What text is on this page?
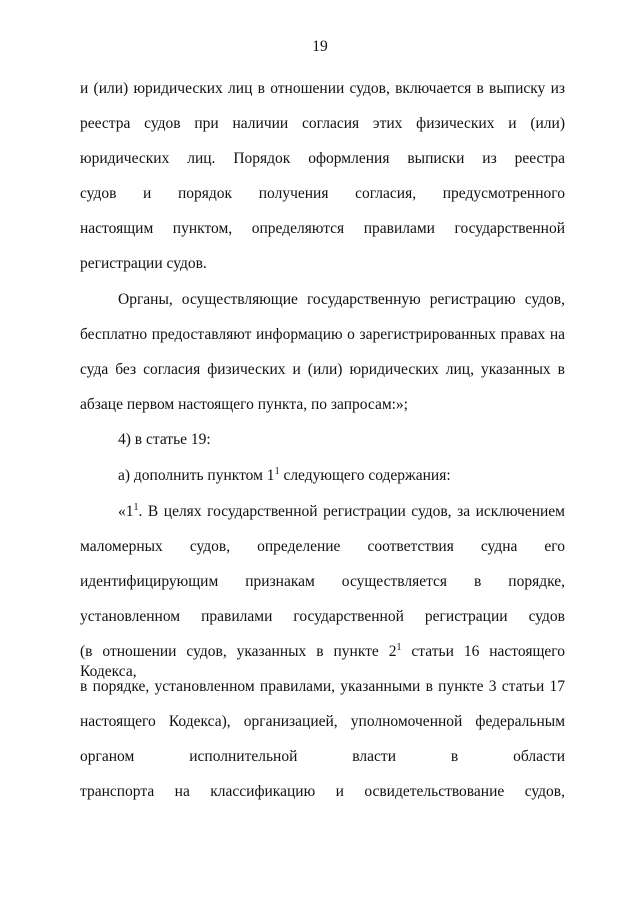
19
и (или) юридических лиц в отношении судов, включается в выписку из
реестра судов при наличии согласия этих физических и (или)
юридических лиц. Порядок оформления выписки из реестра
судов и порядок получения согласия, предусмотренного
настоящим пунктом, определяются правилами государственной
регистрации судов.
Органы, осуществляющие государственную регистрацию судов,
бесплатно предоставляют информацию о зарегистрированных правах на
суда без согласия физических и (или) юридических лиц, указанных в
абзаце первом настоящего пункта, по запросам:»;
4) в статье 19:
а) дополнить пунктом $1^1$ следующего содержания:
«$1^1$. В целях государственной регистрации судов, за исключением
маломерных судов, определение соответствия судна его
идентифицирующим признакам осуществляется в порядке,
установленном правилами государственной регистрации судов
(в отношении судов, указанных в пункте $2^1$ статьи 16 настоящего Кодекса,
в порядке, установленном правилами, указанными в пункте 3 статьи 17
настоящего Кодекса), организацией, уполномоченной федеральным
органом исполнительной власти в области
транспорта на классификацию и освидетельствование судов,
